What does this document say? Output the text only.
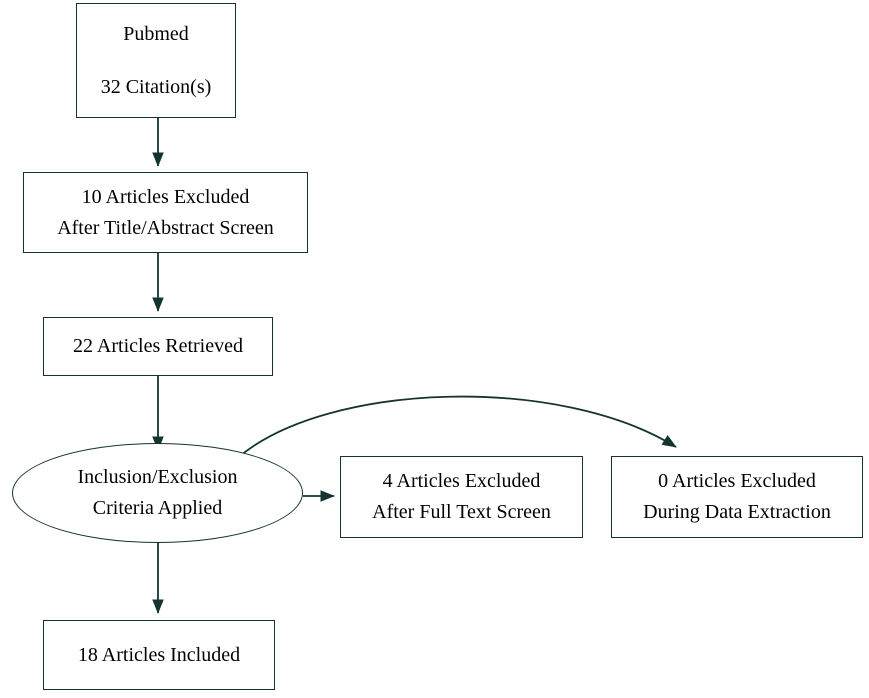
Pubmed
32 Citation(s)
10 Articles Excluded
After Title/Abstract Screen
22 Articles Retrieved
Inclusion/Exclusion
Criteria Applied
4 Articles Excluded
After Full Text Screen
0 Articles Excluded
During Data Extraction
18 Articles Included
